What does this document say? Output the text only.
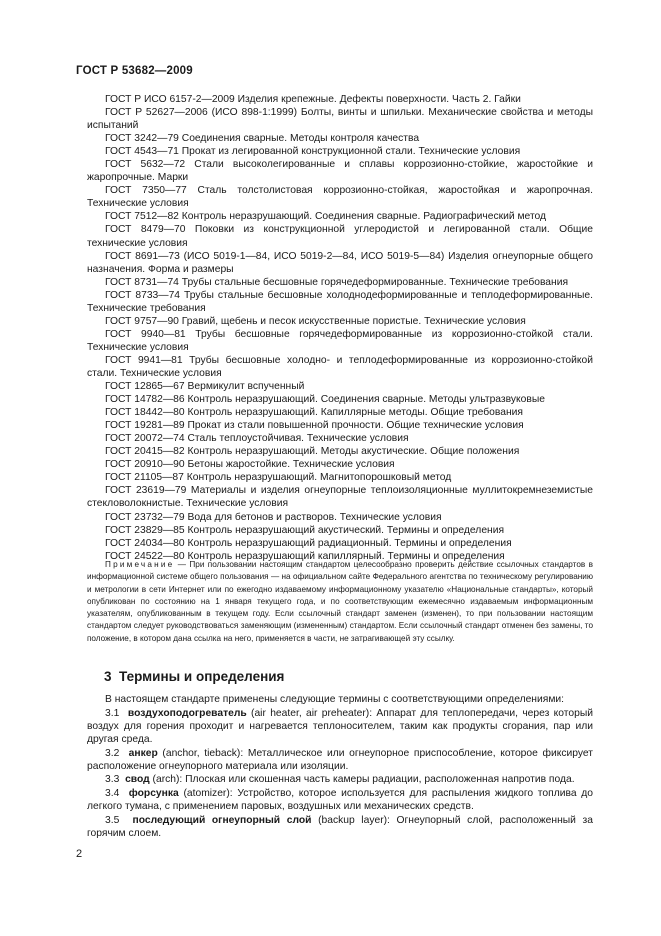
ГОСТ Р 53682—2009

ГОСТ Р ИСО 6157-2—2009 Изделия крепежные. Дефекты поверхности. Часть 2. Гайки

ГОСТ Р 52627—2006 (ИСО 898-1:1999) Болты, винты и шпильки. Механические свойства и методы испытаний

ГОСТ 3242—79 Соединения сварные. Методы контроля качества

ГОСТ 4543—71 Прокат из легированной конструкционной стали. Технические условия

ГОСТ 5632—72 Стали высоколегированные и сплавы коррозионно-стойкие, жаростойкие и жаропрочные. Марки

ГОСТ 7350—77 Сталь толстолистовая коррозионно-стойкая, жаростойкая и жаропрочная. Технические условия

ГОСТ 7512—82 Контроль неразрушающий. Соединения сварные. Радиографический метод

ГОСТ 8479—70 Поковки из конструкционной углеродистой и легированной стали. Общие технические условия

ГОСТ 8691—73 (ИСО 5019-1—84, ИСО 5019-2—84, ИСО 5019-5—84) Изделия огнеупорные общего назначения. Форма и размеры

ГОСТ 8731—74 Трубы стальные бесшовные горячедеформированные. Технические требования

ГОСТ 8733—74 Трубы стальные бесшовные холоднодеформированные и теплодеформированные. Технические требования

ГОСТ 9757—90 Гравий, щебень и песок искусственные пористые. Технические условия

ГОСТ 9940—81 Трубы бесшовные горячедеформированные из коррозионно-стойкой стали. Технические условия

ГОСТ 9941—81 Трубы бесшовные холодно- и теплодеформированные из коррозионно-стойкой стали. Технические условия

ГОСТ 12865—67 Вермикулит вспученный

ГОСТ 14782—86 Контроль неразрушающий. Соединения сварные. Методы ультразвуковые

ГОСТ 18442—80 Контроль неразрушающий. Капиллярные методы. Общие требования

ГОСТ 19281—89 Прокат из стали повышенной прочности. Общие технические условия

ГОСТ 20072—74 Сталь теплоустойчивая. Технические условия

ГОСТ 20415—82 Контроль неразрушающий. Методы акустические. Общие положения

ГОСТ 20910—90 Бетоны жаростойкие. Технические условия

ГОСТ 21105—87 Контроль неразрушающий. Магнитопорошковый метод

ГОСТ 23619—79 Материалы и изделия огнеупорные теплоизоляционные муллитокремнеземистые стекловолокнистые. Технические условия

ГОСТ 23732—79 Вода для бетонов и растворов. Технические условия

ГОСТ 23829—85 Контроль неразрушающий акустический. Термины и определения

ГОСТ 24034—80 Контроль неразрушающий радиационный. Термины и определения

ГОСТ 24522—80 Контроль неразрушающий капиллярный. Термины и определения

Примечание — При пользовании настоящим стандартом целесообразно проверить действие ссылочных стандартов в информационной системе общего пользования — на официальном сайте Федерального агентства по техническому регулированию и метрологии в сети Интернет или по ежегодно издаваемому информационному указателю «Национальные стандарты», который опубликован по состоянию на 1 января текущего года, и по соответствующим ежемесячно издаваемым информационным указателям, опубликованным в текущем году. Если ссылочный стандарт заменен (изменен), то при пользовании настоящим стандартом следует руководствоваться заменяющим (измененным) стандартом. Если ссылочный стандарт отменен без замены, то положение, в котором дана ссылка на него, применяется в части, не затрагивающей эту ссылку.
3 Термины и определения

В настоящем стандарте применены следующие термины с соответствующими определениями:

3.1 воздухоподогреватель (air heater, air preheater): Аппарат для теплопередачи, через который воздух для горения проходит и нагревается теплоносителем, таким как продукты сгорания, пар или другая среда.

3.2 анкер (anchor, tieback): Металлическое или огнеупорное приспособление, которое фиксирует расположение огнеупорного материала или изоляции.

3.3 свод (arch): Плоская или скошенная часть камеры радиации, расположенная напротив пода.

3.4 форсунка (atomizer): Устройство, которое используется для распыления жидкого топлива до легкого тумана, с применением паровых, воздушных или механических средств.

3.5 последующий огнеупорный слой (backup layer): Огнеупорный слой, расположенный за горячим слоем.

2
